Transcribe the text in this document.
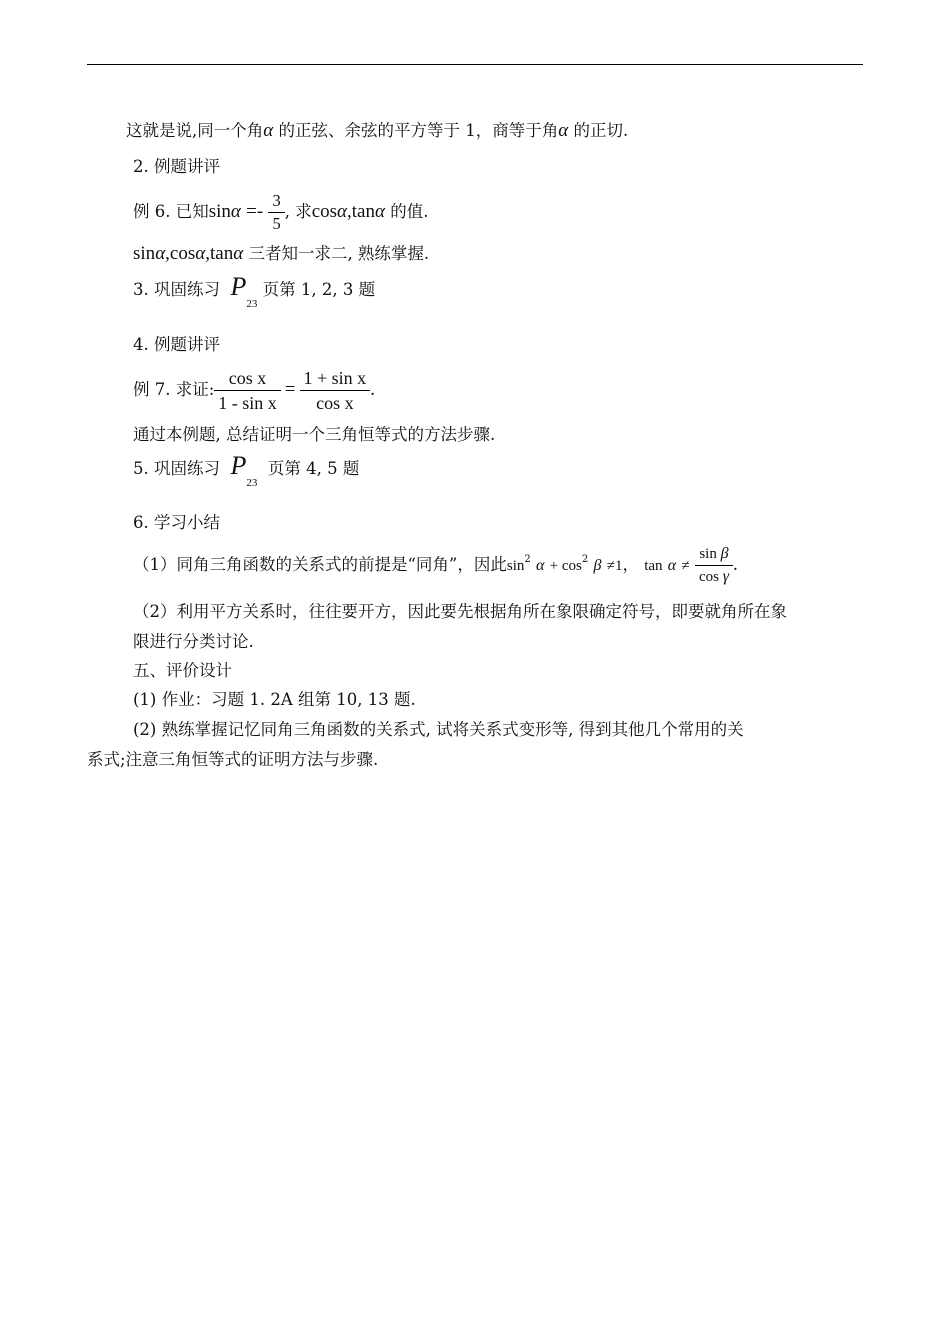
这就是说,同一个角α 的正弦、余弦的平方等于 1，商等于角α 的正切.
2. 例题讲评
例 6. 已知$\sin\alpha =- \frac{3}{5}$ , 求cosα,tanα 的值.
sinα,cosα,tanα 三者知一求二, 熟练掌握.
3. 巩固练习 $P_{23}$ 页第 1, 2, 3 题
4. 例题讲评
例 7. 求证: $\frac{\text{cos x}}{\text{1 - sin x}} = \frac{\text{1 + sin x}}{\text{cos x}}$ .
通过本例题, 总结证明一个三角恒等式的方法步骤.
5. 巩固练习 $P_{23}$  页第 4, 5 题
6. 学习小结
（1）同角三角函数的关系式的前提是“同角”，因此$\sin^2 \alpha + \cos^2 \beta \ne 1$， $\tan \alpha \ne \frac{\text{sin β}}{\text{cos γ}}$ .
（2）利用平方关系时，往往要开方，因此要先根据角所在象限确定符号，即要就角所在象
限进行分类讨论.
五、评价设计
(1) 作业：习题 1. 2A 组第 10, 13 题.
(2) 熟练掌握记忆同角三角函数的关系式, 试将关系式变形等, 得到其他几个常用的关
系式;注意三角恒等式的证明方法与步骤.
